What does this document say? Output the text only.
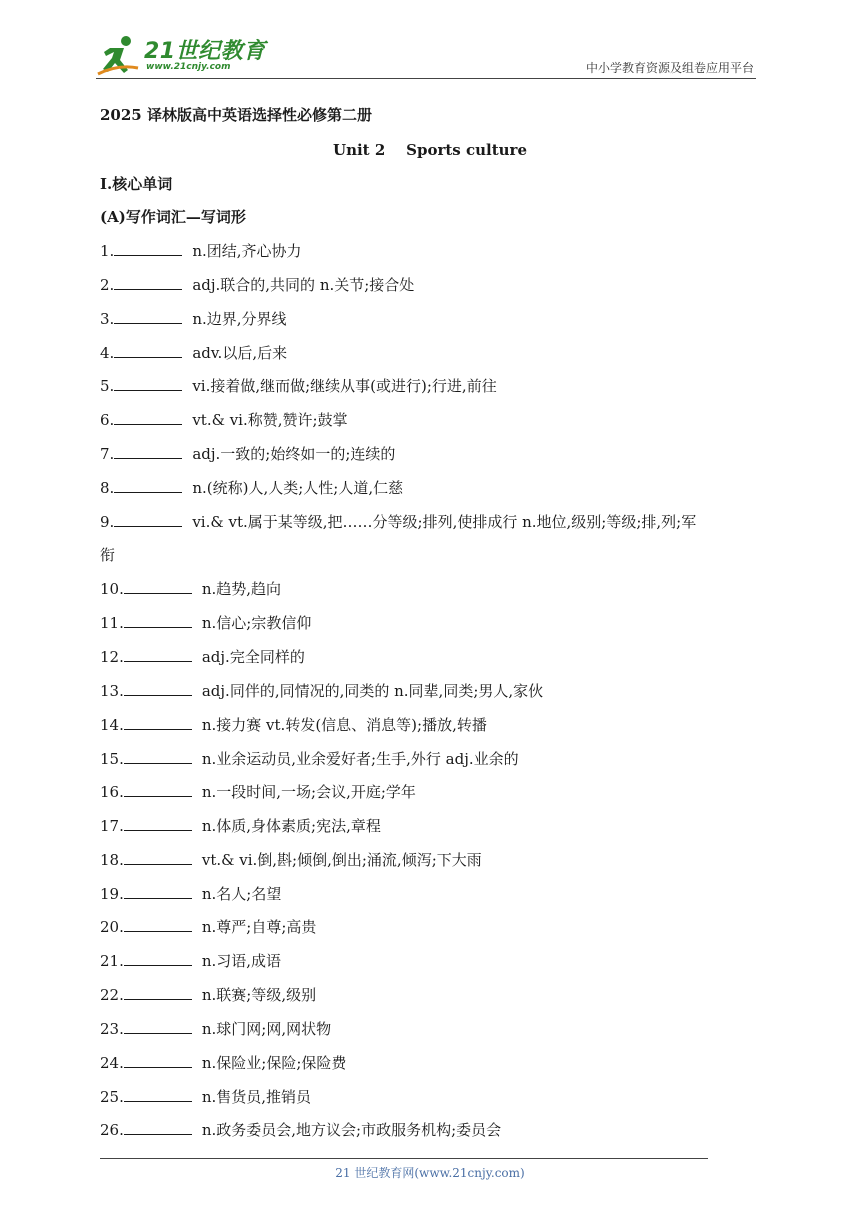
21世纪教育
www.21cnjy.com	中小学教育资源及组卷应用平台
2025 译林版高中英语选择性必修第二册
Unit 2    Sports culture
Ⅰ.核心单词
(A)写作词汇—写词形
1.	n.团结,齐心协力
2.	adj.联合的,共同的 n.关节;接合处
3.	n.边界,分界线
4.	adv.以后,后来
5.	vi.接着做,继而做;继续从事(或进行);行进,前往
6.	vt.& vi.称赞,赞许;鼓掌
7.	adj.一致的;始终如一的;连续的
8.	n.(统称)人,人类;人性;人道,仁慈
9.	vi.& vt.属于某等级,把……分等级;排列,使排成行 n.地位,级别;等级;排,列;军
衔
10.	n.趋势,趋向
11.	n.信心;宗教信仰
12.	adj.完全同样的
13.	adj.同伴的,同情况的,同类的 n.同辈,同类;男人,家伙
14.	n.接力赛 vt.转发(信息、消息等);播放,转播
15.	n.业余运动员,业余爱好者;生手,外行 adj.业余的
16.	n.一段时间,一场;会议,开庭;学年
17.	n.体质,身体素质;宪法,章程
18.	vt.& vi.倒,斟;倾倒,倒出;涌流,倾泻;下大雨
19.	n.名人;名望
20.	n.尊严;自尊;高贵
21.	n.习语,成语
22.	n.联赛;等级,级别
23.	n.球门网;网,网状物
24.	n.保险业;保险;保险费
25.	n.售货员,推销员
26.	n.政务委员会,地方议会;市政服务机构;委员会
21 世纪教育网(www.21cnjy.com)
